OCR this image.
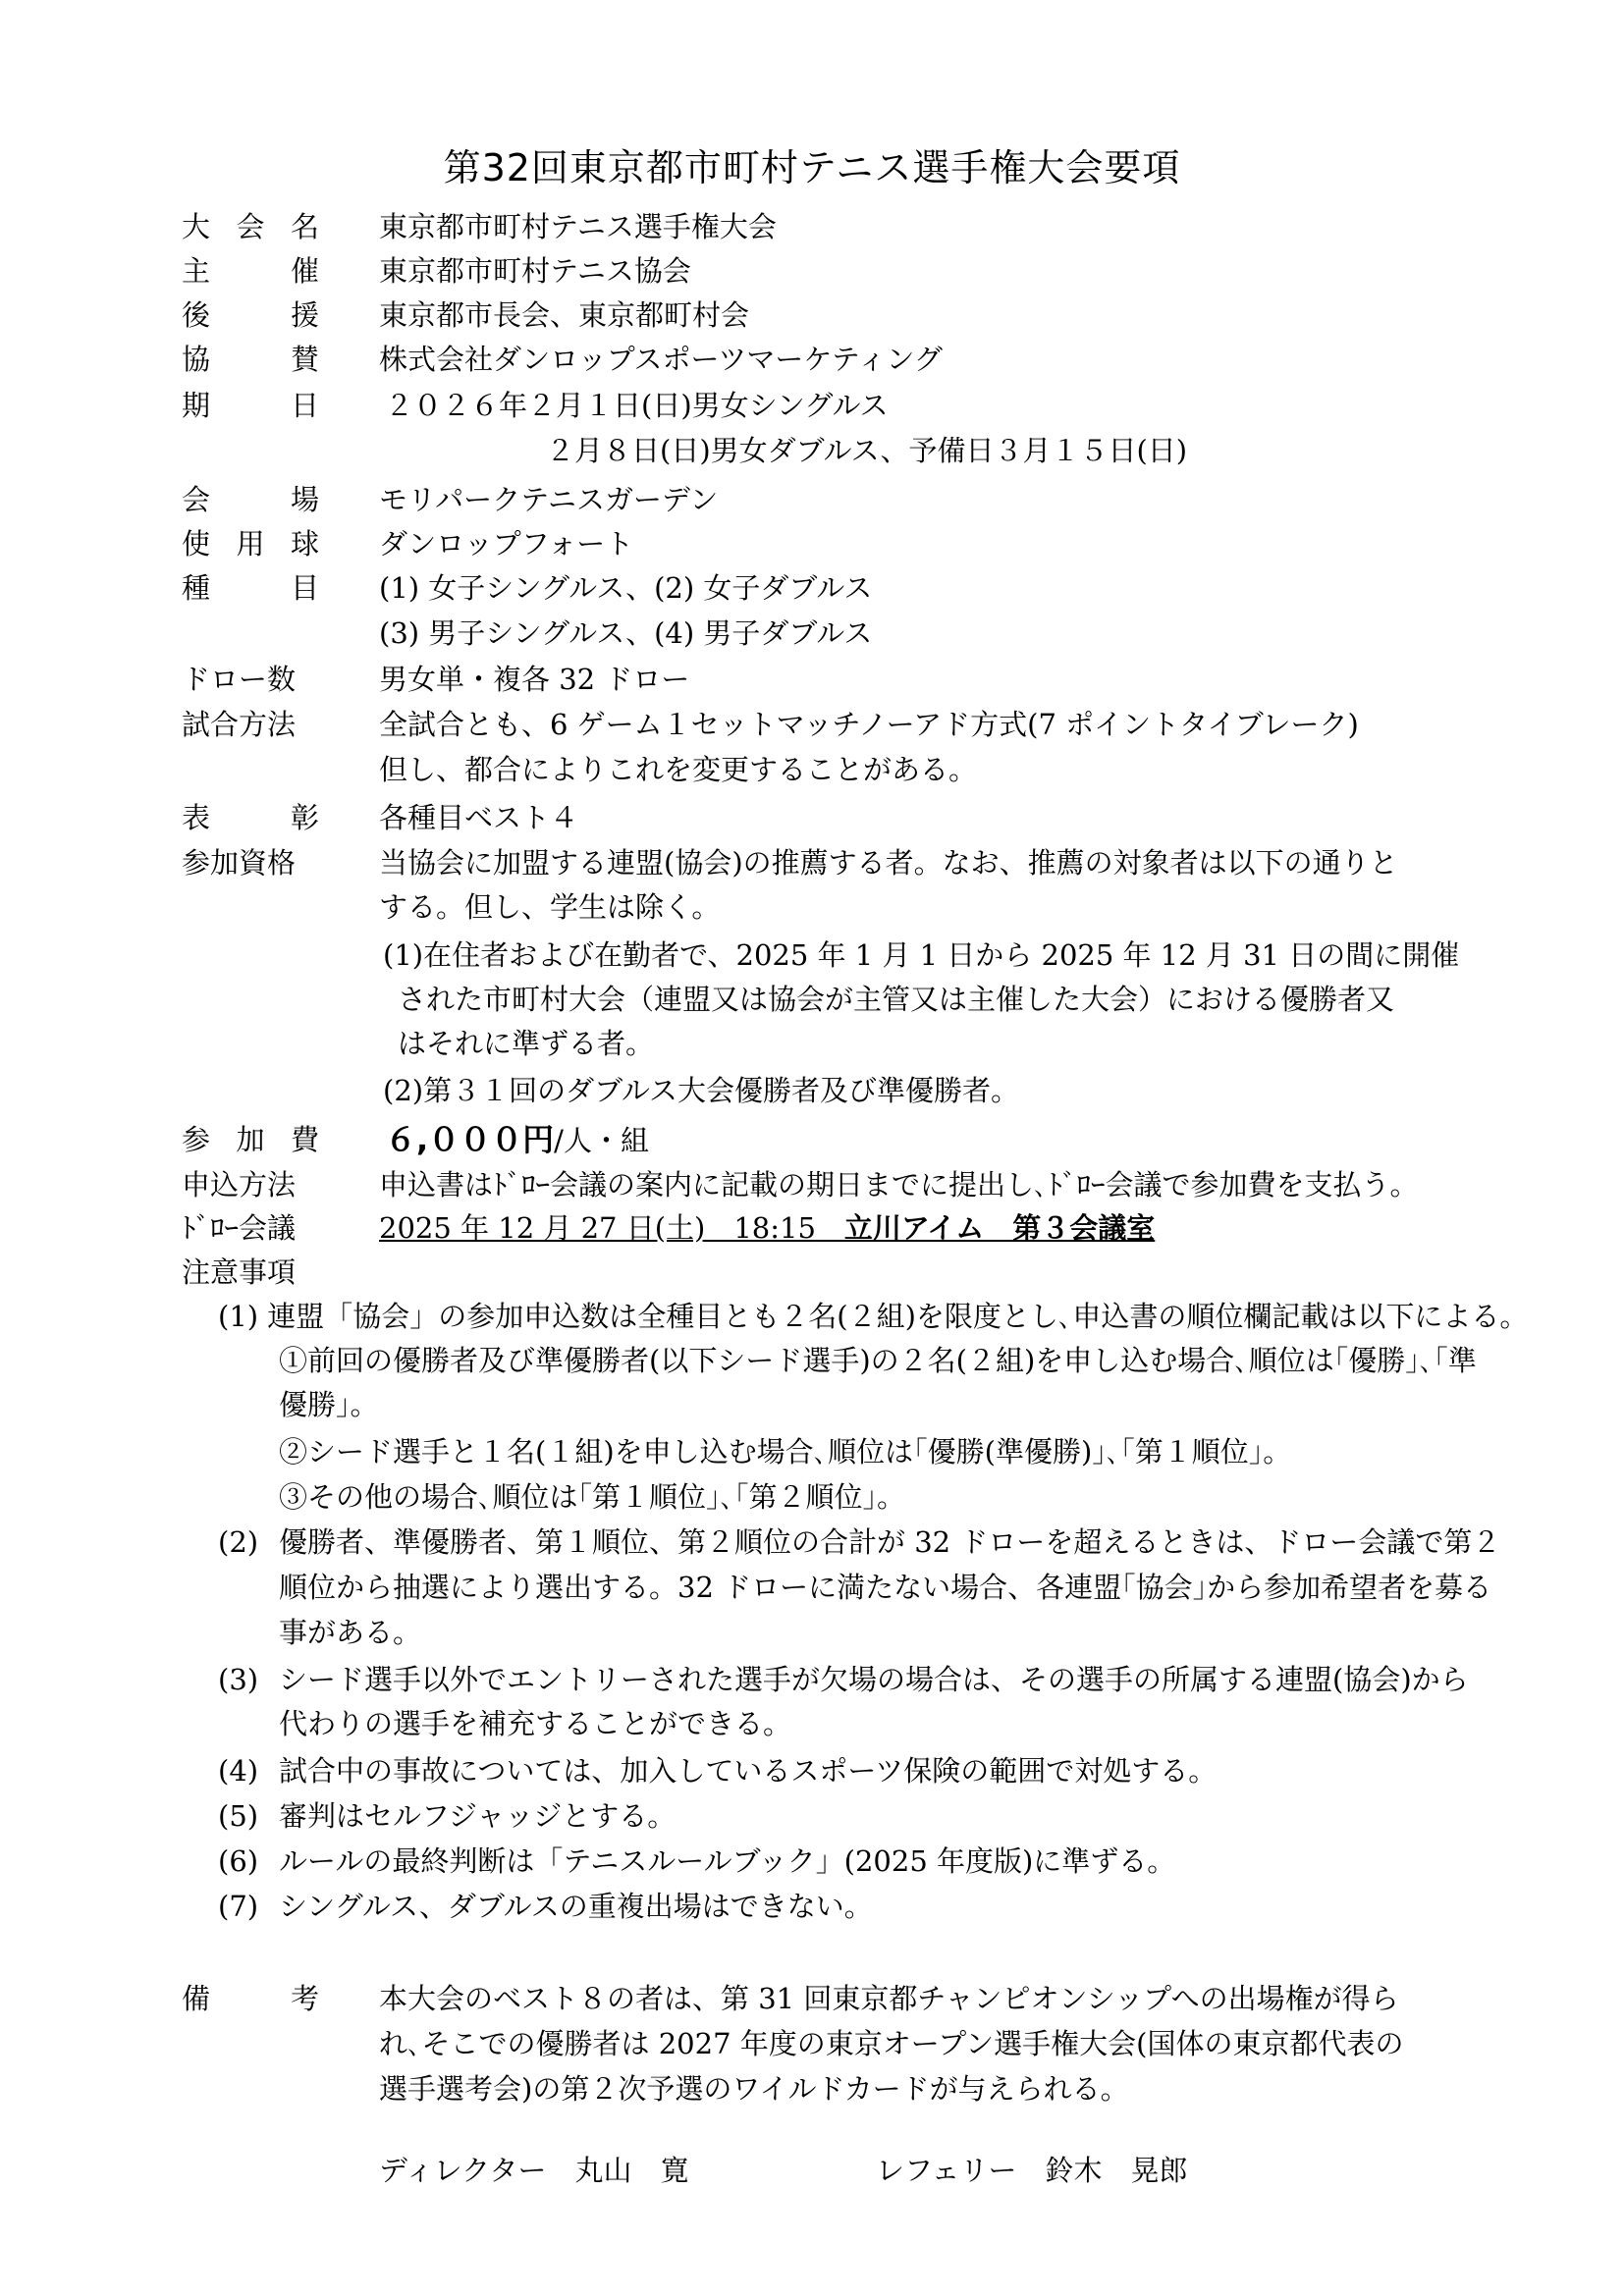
第32回東京都市町村テニス選手権大会要項
大 会 名 東京都市町村テニス選手権大会
主	催 東京都市町村テニス協会
後	援 東京都市長会、東京都町村会
協	賛 株式会社ダンロップスポーツマーケティング
期	日 ２０２６年２月１日(日)男女シングルス
２月８日(日)男女ダブルス、予備日３月１５日(日)
会	場 モリパークテニスガーデン
使 用 球 ダンロップフォート
種	目 (1) 女子シングルス、(2) 女子ダブルス
(3) 男子シングルス、(4) 男子ダブルス
ドロー数	男女単・複各 32 ドロー
試合方法	全試合とも、6 ゲーム１セットマッチノーアド方式(7 ポイントタイブレーク)
但し、都合によりこれを変更することがある。
表	彰 各種目ベスト４
参加資格	当協会に加盟する連盟(協会)の推薦する者。なお、推薦の対象者は以下の通りと
する。但し、学生は除く。
(1)在住者および在勤者で、2025 年 1 月 1 日から 2025 年 12 月 31 日の間に開催
された市町村大会（連盟又は協会が主管又は主催した大会）における優勝者又
はそれに準ずる者。
(2)第３１回のダブルス大会優勝者及び準優勝者。
参 加 費 ６,０００円/人・組
申込方法	申込書はﾄﾞﾛｰ会議の案内に記載の期日までに提出し､ﾄﾞﾛｰ会議で参加費を支払う。
ﾄﾞﾛｰ会議	2025 年 12 月 27 日(土)　18:15　立川アイム　第３会議室
注意事項
(1) 連盟「協会」の参加申込数は全種目とも２名(２組)を限度とし､申込書の順位欄記載は以下による。
①前回の優勝者及び準優勝者(以下シード選手)の２名(２組)を申し込む場合､順位は｢優勝｣､｢準
優勝｣。
②シード選手と１名(１組)を申し込む場合､順位は｢優勝(準優勝)｣､｢第１順位｣。
③その他の場合､順位は｢第１順位｣､｢第２順位｣。
(2) 優勝者、準優勝者、第１順位、第２順位の合計が 32 ドローを超えるときは、ドロー会議で第２
順位から抽選により選出する。32 ドローに満たない場合、各連盟｢協会｣から参加希望者を募る
事がある。
(3) シード選手以外でエントリーされた選手が欠場の場合は、その選手の所属する連盟(協会)から
代わりの選手を補充することができる。
(4) 試合中の事故については、加入しているスポーツ保険の範囲で対処する。
(5) 審判はセルフジャッジとする。
(6) ルールの最終判断は「テニスルールブック」(2025 年度版)に準ずる。
(7) シングルス、ダブルスの重複出場はできない。
備	考 本大会のベスト８の者は、第 31 回東京都チャンピオンシップへの出場権が得ら
れ､そこでの優勝者は 2027 年度の東京オープン選手権大会(国体の東京都代表の
選手選考会)の第２次予選のワイルドカードが与えられる。
ディレクター　丸山　寛	レフェリー　鈴木　晃郎
